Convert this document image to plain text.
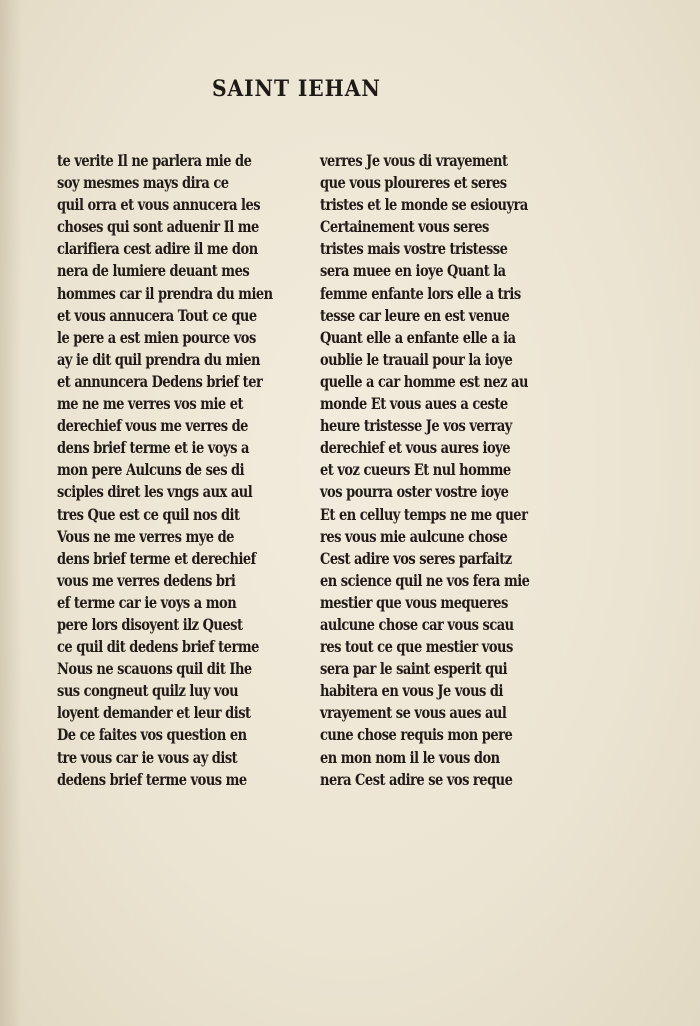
SAINT IEHAN
te verite Il ne parlera mie de
soy mesmes mays dira ce
quil orra et vous annucera les
choses qui sont aduenir Il me
clarifiera cest adire il me don
nera de lumiere deuant mes
hommes car il prendra du mien
et vous annucera Tout ce que
le pere a est mien pource vos
ay ie dit quil prendra du mien
et annuncera Dedens brief ter
me ne me verres vos mie et
derechief vous me verres de
dens brief terme et ie voys a
mon pere Aulcuns de ses di
sciples diret les vngs aux aul
tres Que est ce quil nos dit
Vous ne me verres mye de
dens brief terme et derechief
vous me verres dedens bri
ef terme car ie voys a mon
pere lors disoyent ilz Quest
ce quil dit dedens brief terme
Nous ne scauons quil dit Ihe
sus congneut quilz luy vou
loyent demander et leur dist
De ce faites vos question en
tre vous car ie vous ay dist
dedens brief terme vous me
verres Je vous di vrayement
que vous ploureres et seres
tristes et le monde se esiouyra
Certainement vous seres
tristes mais vostre tristesse
sera muee en ioye Quant la
femme enfante lors elle a tris
tesse car leure en est venue
Quant elle a enfante elle a ia
oublie le trauail pour la ioye
quelle a car homme est nez au
monde Et vous aues a ceste
heure tristesse Je vos verray
derechief et vous aures ioye
et voz cueurs Et nul homme
vos pourra oster vostre ioye
Et en celluy temps ne me quer
res vous mie aulcune chose
Cest adire vos seres parfaitz
en science quil ne vos fera mie
mestier que vous mequeres
aulcune chose car vous scau
res tout ce que mestier vous
sera par le saint esperit qui
habitera en vous Je vous di
vrayement se vous aues aul
cune chose requis mon pere
en mon nom il le vous don
nera Cest adire se vos reque
